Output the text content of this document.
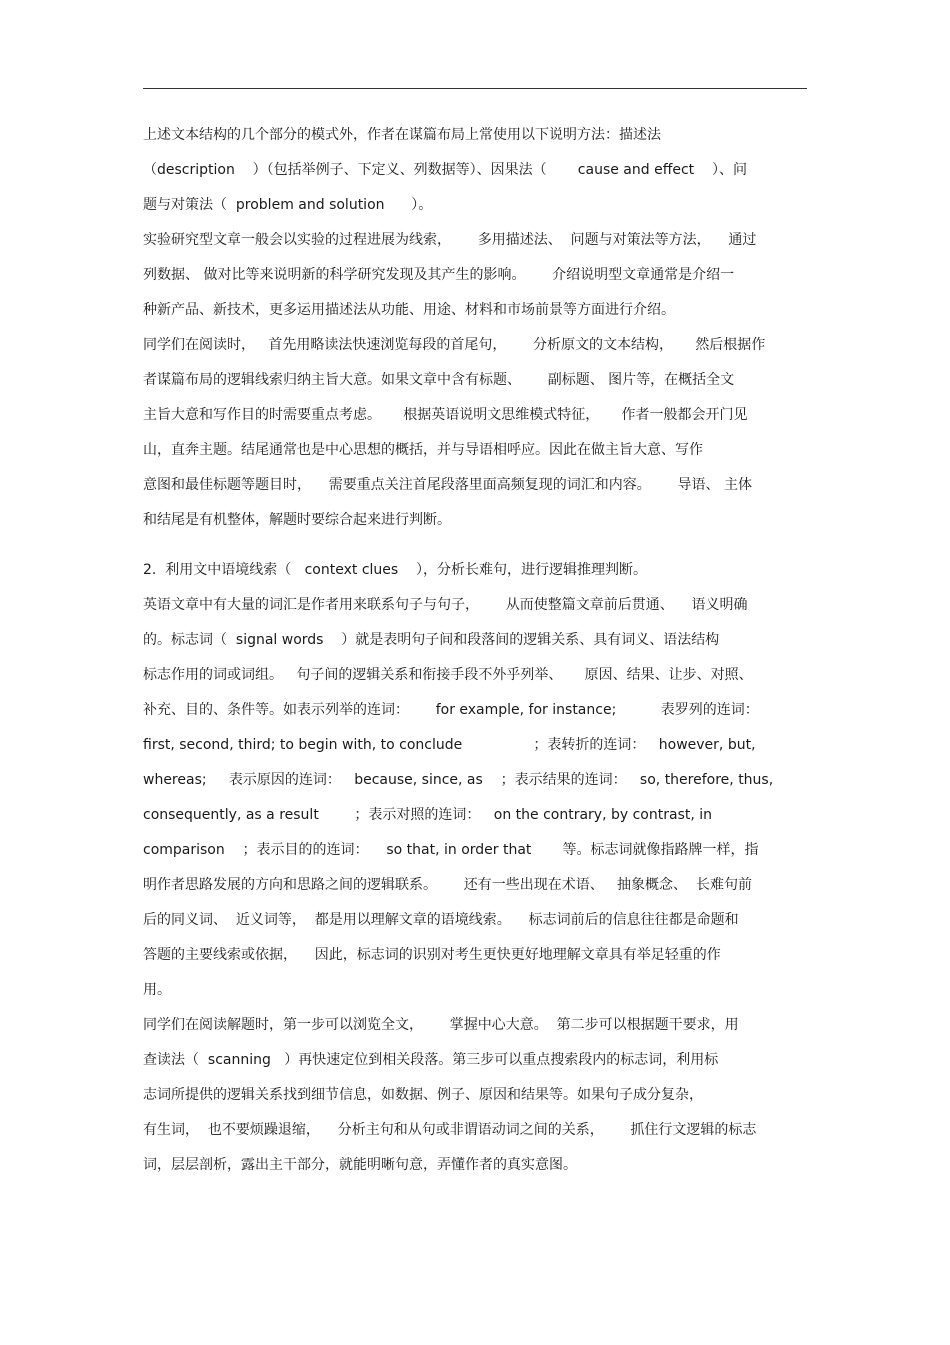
上述文本结构的几个部分的模式外，作者在谋篇布局上常使用以下说明方法：描述法
（description    ）（包括举例子、下定义、列数据等）、因果法（       cause and effect    ）、问
题与对策法（  problem and solution      ）。
实验研究型文章一般会以实验的过程进展为线索，      多用描述法、  问题与对策法等方法，    通过
列数据、 做对比等来说明新的科学研究发现及其产生的影响。      介绍说明型文章通常是介绍一
种新产品、新技术，更多运用描述法从功能、用途、材料和市场前景等方面进行介绍。
同学们在阅读时，   首先用略读法快速浏览每段的首尾句，      分析原文的文本结构，     然后根据作
者谋篇布局的逻辑线索归纳主旨大意。如果文章中含有标题、      副标题、 图片等，在概括全文
主旨大意和写作目的时需要重点考虑。     根据英语说明文思维模式特征，     作者一般都会开门见
山，直奔主题。结尾通常也是中心思想的概括，并与导语相呼应。因此在做主旨大意、写作
意图和最佳标题等题目时，    需要重点关注首尾段落里面高频复现的词汇和内容。      导语、 主体
和结尾是有机整体，解题时要综合起来进行判断。
2.  利用文中语境线索（   context clues    ），分析长难句，进行逻辑推理判断。
英语文章中有大量的词汇是作者用来联系句子与句子，      从而使整篇文章前后贯通、    语义明确
的。标志词（  signal words    ）就是表明句子间和段落间的逻辑关系、具有词义、语法结构
标志作用的词或词组。   句子间的逻辑关系和衔接手段不外乎列举、     原因、结果、让步、对照、
补充、目的、条件等。如表示列举的连词：      for example, for instance;          表罗列的连词：
first, second, third; to begin with, to conclude                ；表转折的连词：   however, but,
whereas;     表示原因的连词：   because, since, as    ；表示结果的连词：   so, therefore, thus,
consequently, as a result        ；表示对照的连词：   on the contrary, by contrast, in
comparison    ；表示目的的连词：    so that, in order that       等。标志词就像指路牌一样，指
明作者思路发展的方向和思路之间的逻辑联系。      还有一些出现在术语、   抽象概念、  长难句前
后的同义词、  近义词等，  都是用以理解文章的语境线索。    标志词前后的信息往往都是命题和
答题的主要线索或依据，    因此，标志词的识别对考生更快更好地理解文章具有举足轻重的作
用。
同学们在阅读解题时，第一步可以浏览全文，      掌握中心大意。  第二步可以根据题干要求，用
查读法（  scanning   ）再快速定位到相关段落。第三步可以重点搜索段内的标志词，利用标
志词所提供的逻辑关系找到细节信息，如数据、例子、原因和结果等。如果句子成分复杂，
有生词，  也不要烦躁退缩，    分析主句和从句或非谓语动词之间的关系，      抓住行文逻辑的标志
词，层层剖析，露出主干部分，就能明晰句意，弄懂作者的真实意图。
